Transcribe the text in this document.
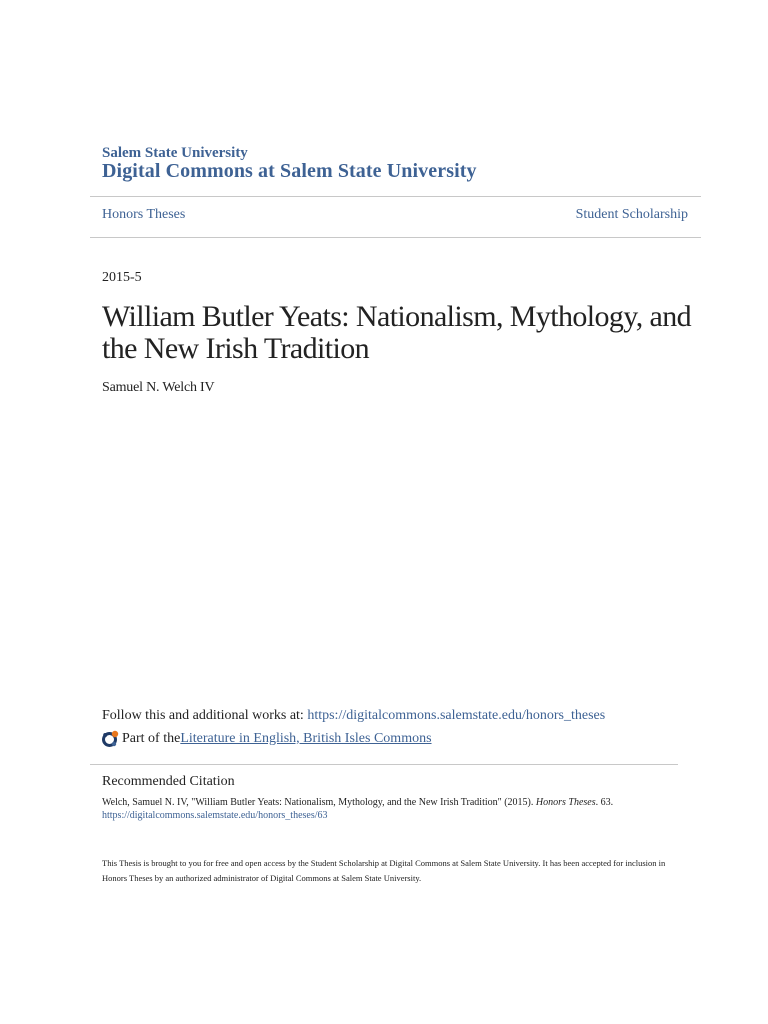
Salem State University
Digital Commons at Salem State University
Honors Theses	Student Scholarship
2015-5
William Butler Yeats: Nationalism, Mythology, and the New Irish Tradition
Samuel N. Welch IV
Follow this and additional works at: https://digitalcommons.salemstate.edu/honors_theses
Part of the Literature in English, British Isles Commons
Recommended Citation
Welch, Samuel N. IV, "William Butler Yeats: Nationalism, Mythology, and the New Irish Tradition" (2015). Honors Theses. 63.
https://digitalcommons.salemstate.edu/honors_theses/63
This Thesis is brought to you for free and open access by the Student Scholarship at Digital Commons at Salem State University. It has been accepted for inclusion in Honors Theses by an authorized administrator of Digital Commons at Salem State University.
